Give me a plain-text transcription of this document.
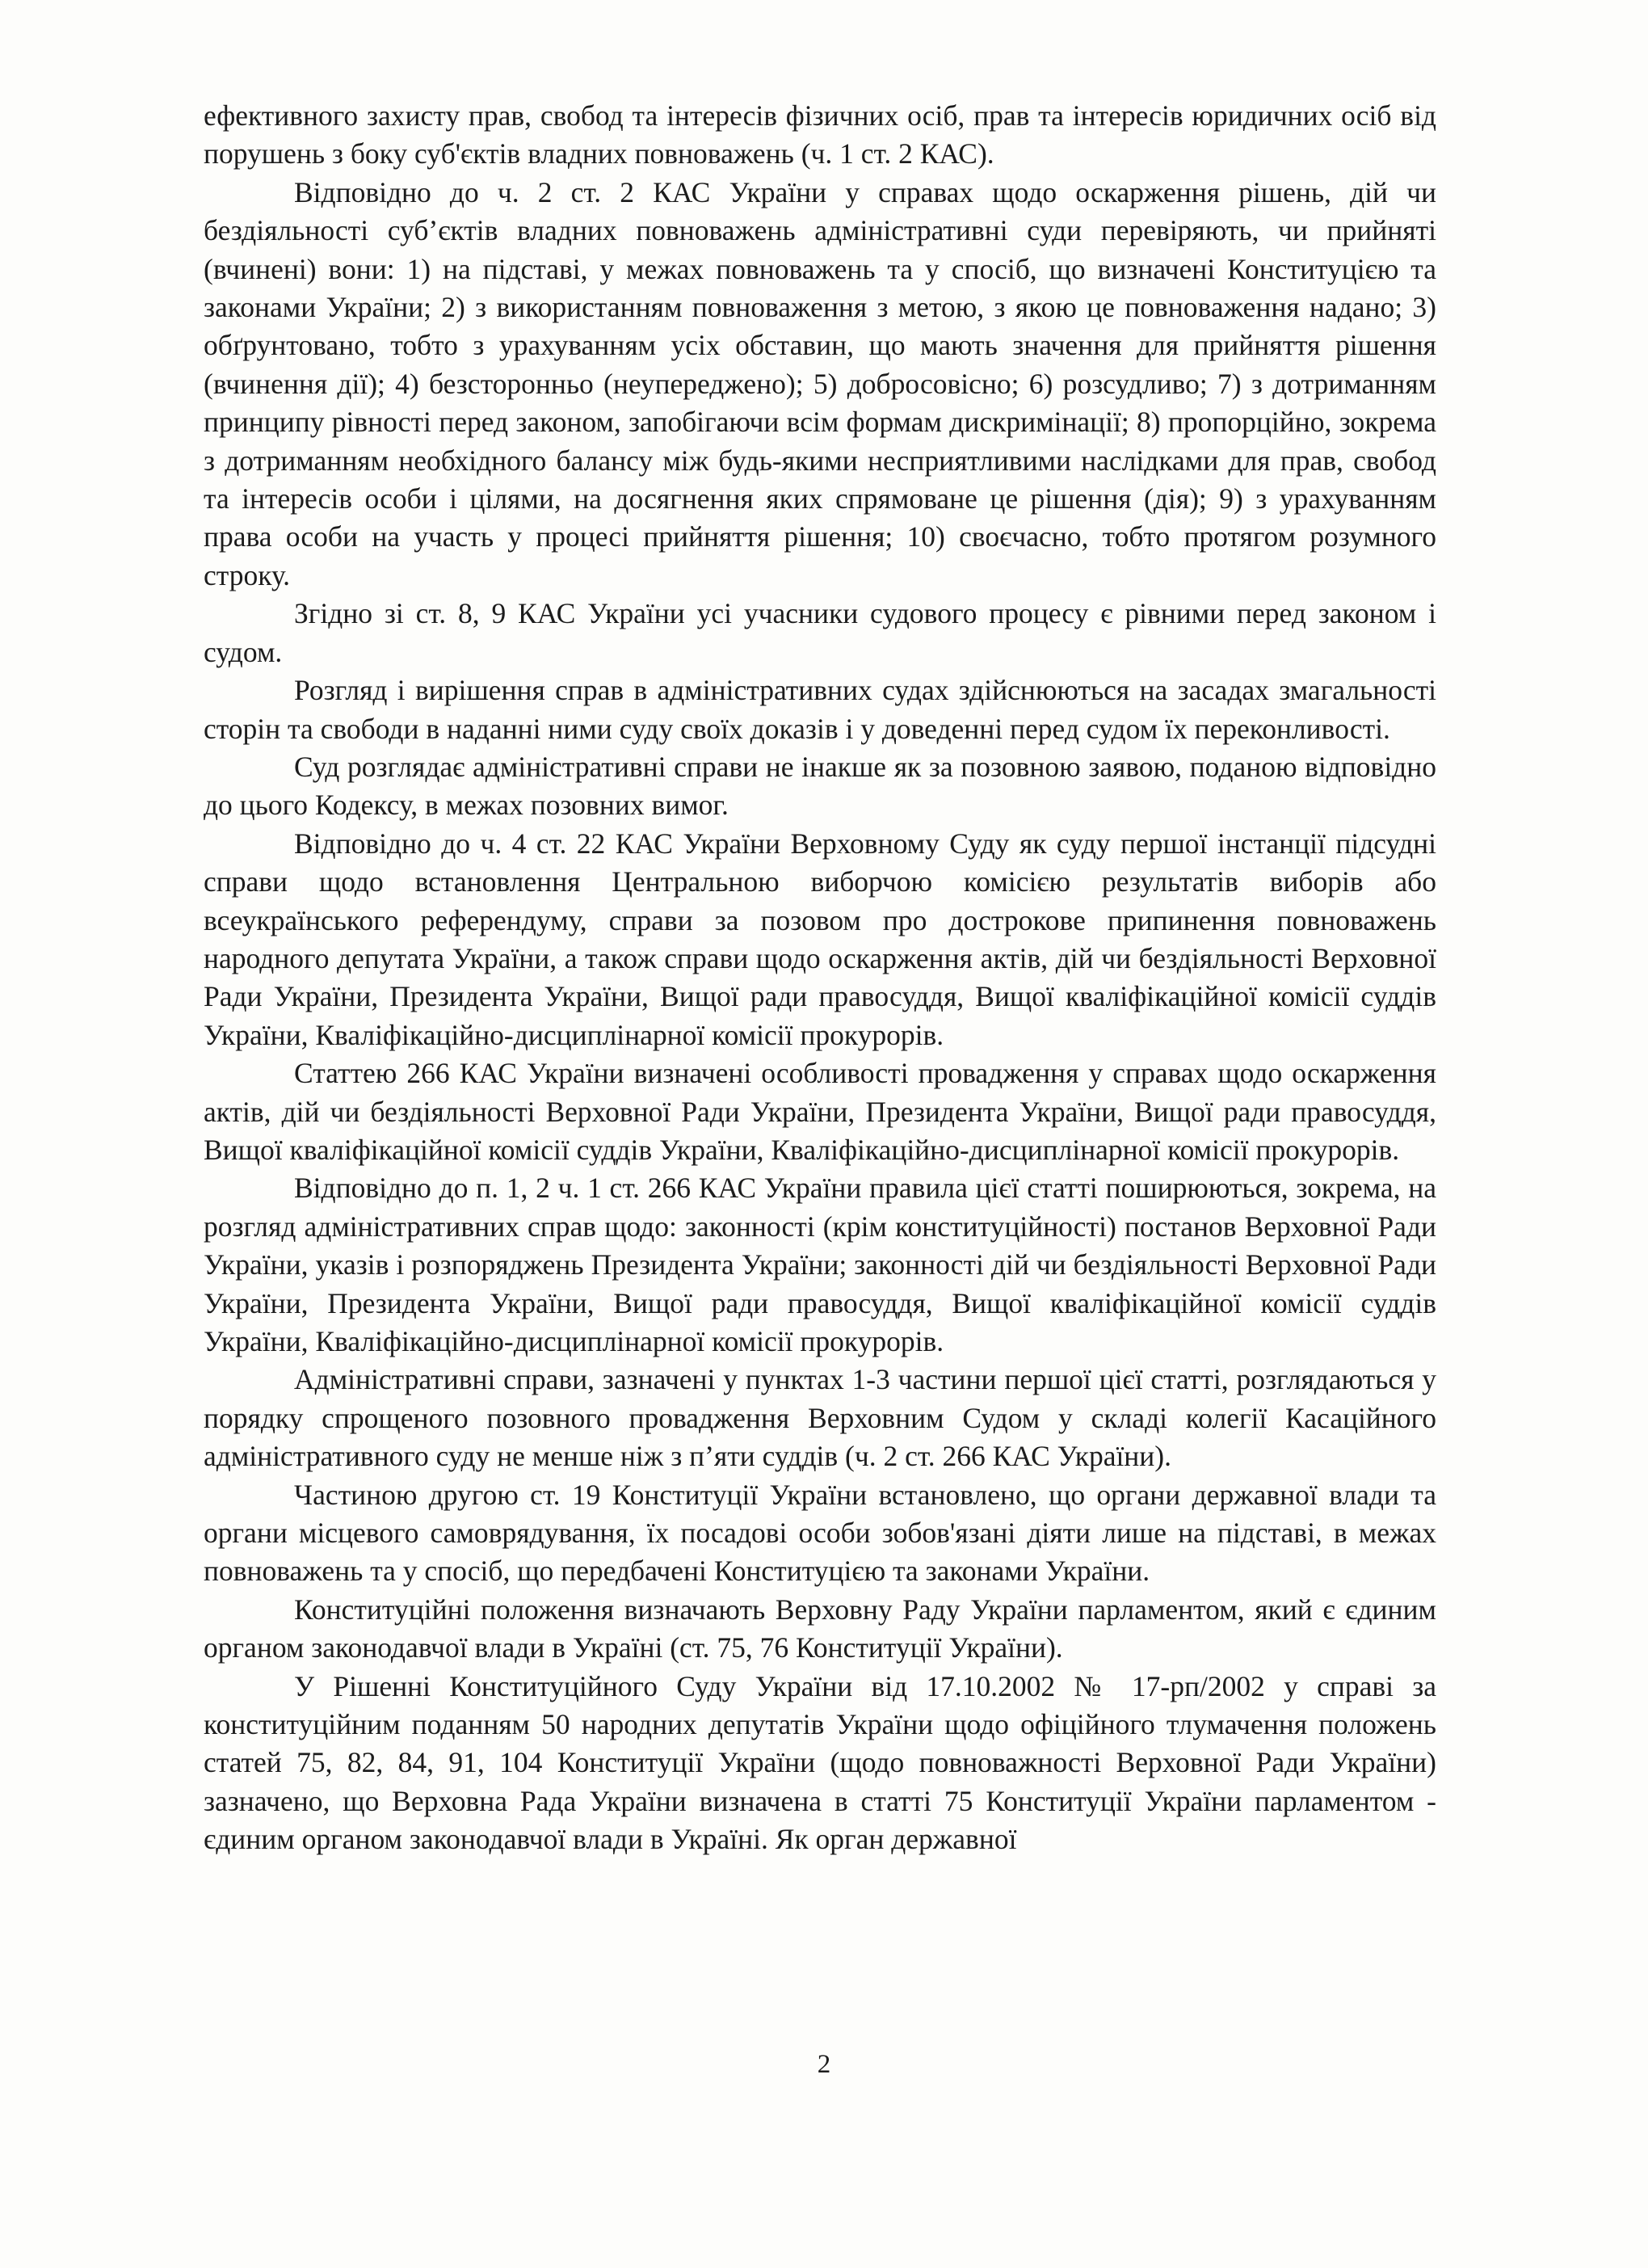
ефективного захисту прав, свобод та інтересів фізичних осіб, прав та інтересів юридичних осіб від порушень з боку суб'єктів владних повноважень (ч. 1 ст. 2 КАС).

Відповідно до ч. 2 ст. 2 КАС України у справах щодо оскарження рішень, дій чи бездіяльності суб’єктів владних повноважень адміністративні суди перевіряють, чи прийняті (вчинені) вони: 1) на підставі, у межах повноважень та у спосіб, що визначені Конституцією та законами України; 2) з використанням повноваження з метою, з якою це повноваження надано; 3) обґрунтовано, тобто з урахуванням усіх обставин, що мають значення для прийняття рішення (вчинення дії); 4) безсторонньо (неупереджено); 5) добросовісно; 6) розсудливо; 7) з дотриманням принципу рівності перед законом, запобігаючи всім формам дискримінації; 8) пропорційно, зокрема з дотриманням необхідного балансу між будь-якими несприятливими наслідками для прав, свобод та інтересів особи і цілями, на досягнення яких спрямоване це рішення (дія); 9) з урахуванням права особи на участь у процесі прийняття рішення; 10) своєчасно, тобто протягом розумного строку.

Згідно зі ст. 8, 9 КАС України усі учасники судового процесу є рівними перед законом і судом.

Розгляд і вирішення справ в адміністративних судах здійснюються на засадах змагальності сторін та свободи в наданні ними суду своїх доказів і у доведенні перед судом їх переконливості.

Суд розглядає адміністративні справи не інакше як за позовною заявою, поданою відповідно до цього Кодексу, в межах позовних вимог.

Відповідно до ч. 4 ст. 22 КАС України Верховному Суду як суду першої інстанції підсудні справи щодо встановлення Центральною виборчою комісією результатів виборів або всеукраїнського референдуму, справи за позовом про дострокове припинення повноважень народного депутата України, а також справи щодо оскарження актів, дій чи бездіяльності Верховної Ради України, Президента України, Вищої ради правосуддя, Вищої кваліфікаційної комісії суддів України, Кваліфікаційно-дисциплінарної комісії прокурорів.

Статтею 266 КАС України визначені особливості провадження у справах щодо оскарження актів, дій чи бездіяльності Верховної Ради України, Президента України, Вищої ради правосуддя, Вищої кваліфікаційної комісії суддів України, Кваліфікаційно-дисциплінарної комісії прокурорів.

Відповідно до п. 1, 2 ч. 1 ст. 266 КАС України правила цієї статті поширюються, зокрема, на розгляд адміністративних справ щодо: законності (крім конституційності) постанов Верховної Ради України, указів і розпоряджень Президента України; законності дій чи бездіяльності Верховної Ради України, Президента України, Вищої ради правосуддя, Вищої кваліфікаційної комісії суддів України, Кваліфікаційно-дисциплінарної комісії прокурорів.

Адміністративні справи, зазначені у пунктах 1-3 частини першої цієї статті, розглядаються у порядку спрощеного позовного провадження Верховним Судом у складі колегії Касаційного адміністративного суду не менше ніж з п’яти суддів (ч. 2 ст. 266 КАС України).

Частиною другою ст. 19 Конституції України встановлено, що органи державної влади та органи місцевого самоврядування, їх посадові особи зобов'язані діяти лише на підставі, в межах повноважень та у спосіб, що передбачені Конституцією та законами України.

Конституційні положення визначають Верховну Раду України парламентом, який є єдиним органом законодавчої влади в Україні (ст. 75, 76 Конституції України).

У Рішенні Конституційного Суду України від 17.10.2002 № 17-рп/2002 у справі за конституційним поданням 50 народних депутатів України щодо офіційного тлумачення положень статей 75, 82, 84, 91, 104 Конституції України (щодо повноважності Верховної Ради України) зазначено, що Верховна Рада України визначена в статті 75 Конституції України парламентом - єдиним органом законодавчої влади в Україні. Як орган державної

2
